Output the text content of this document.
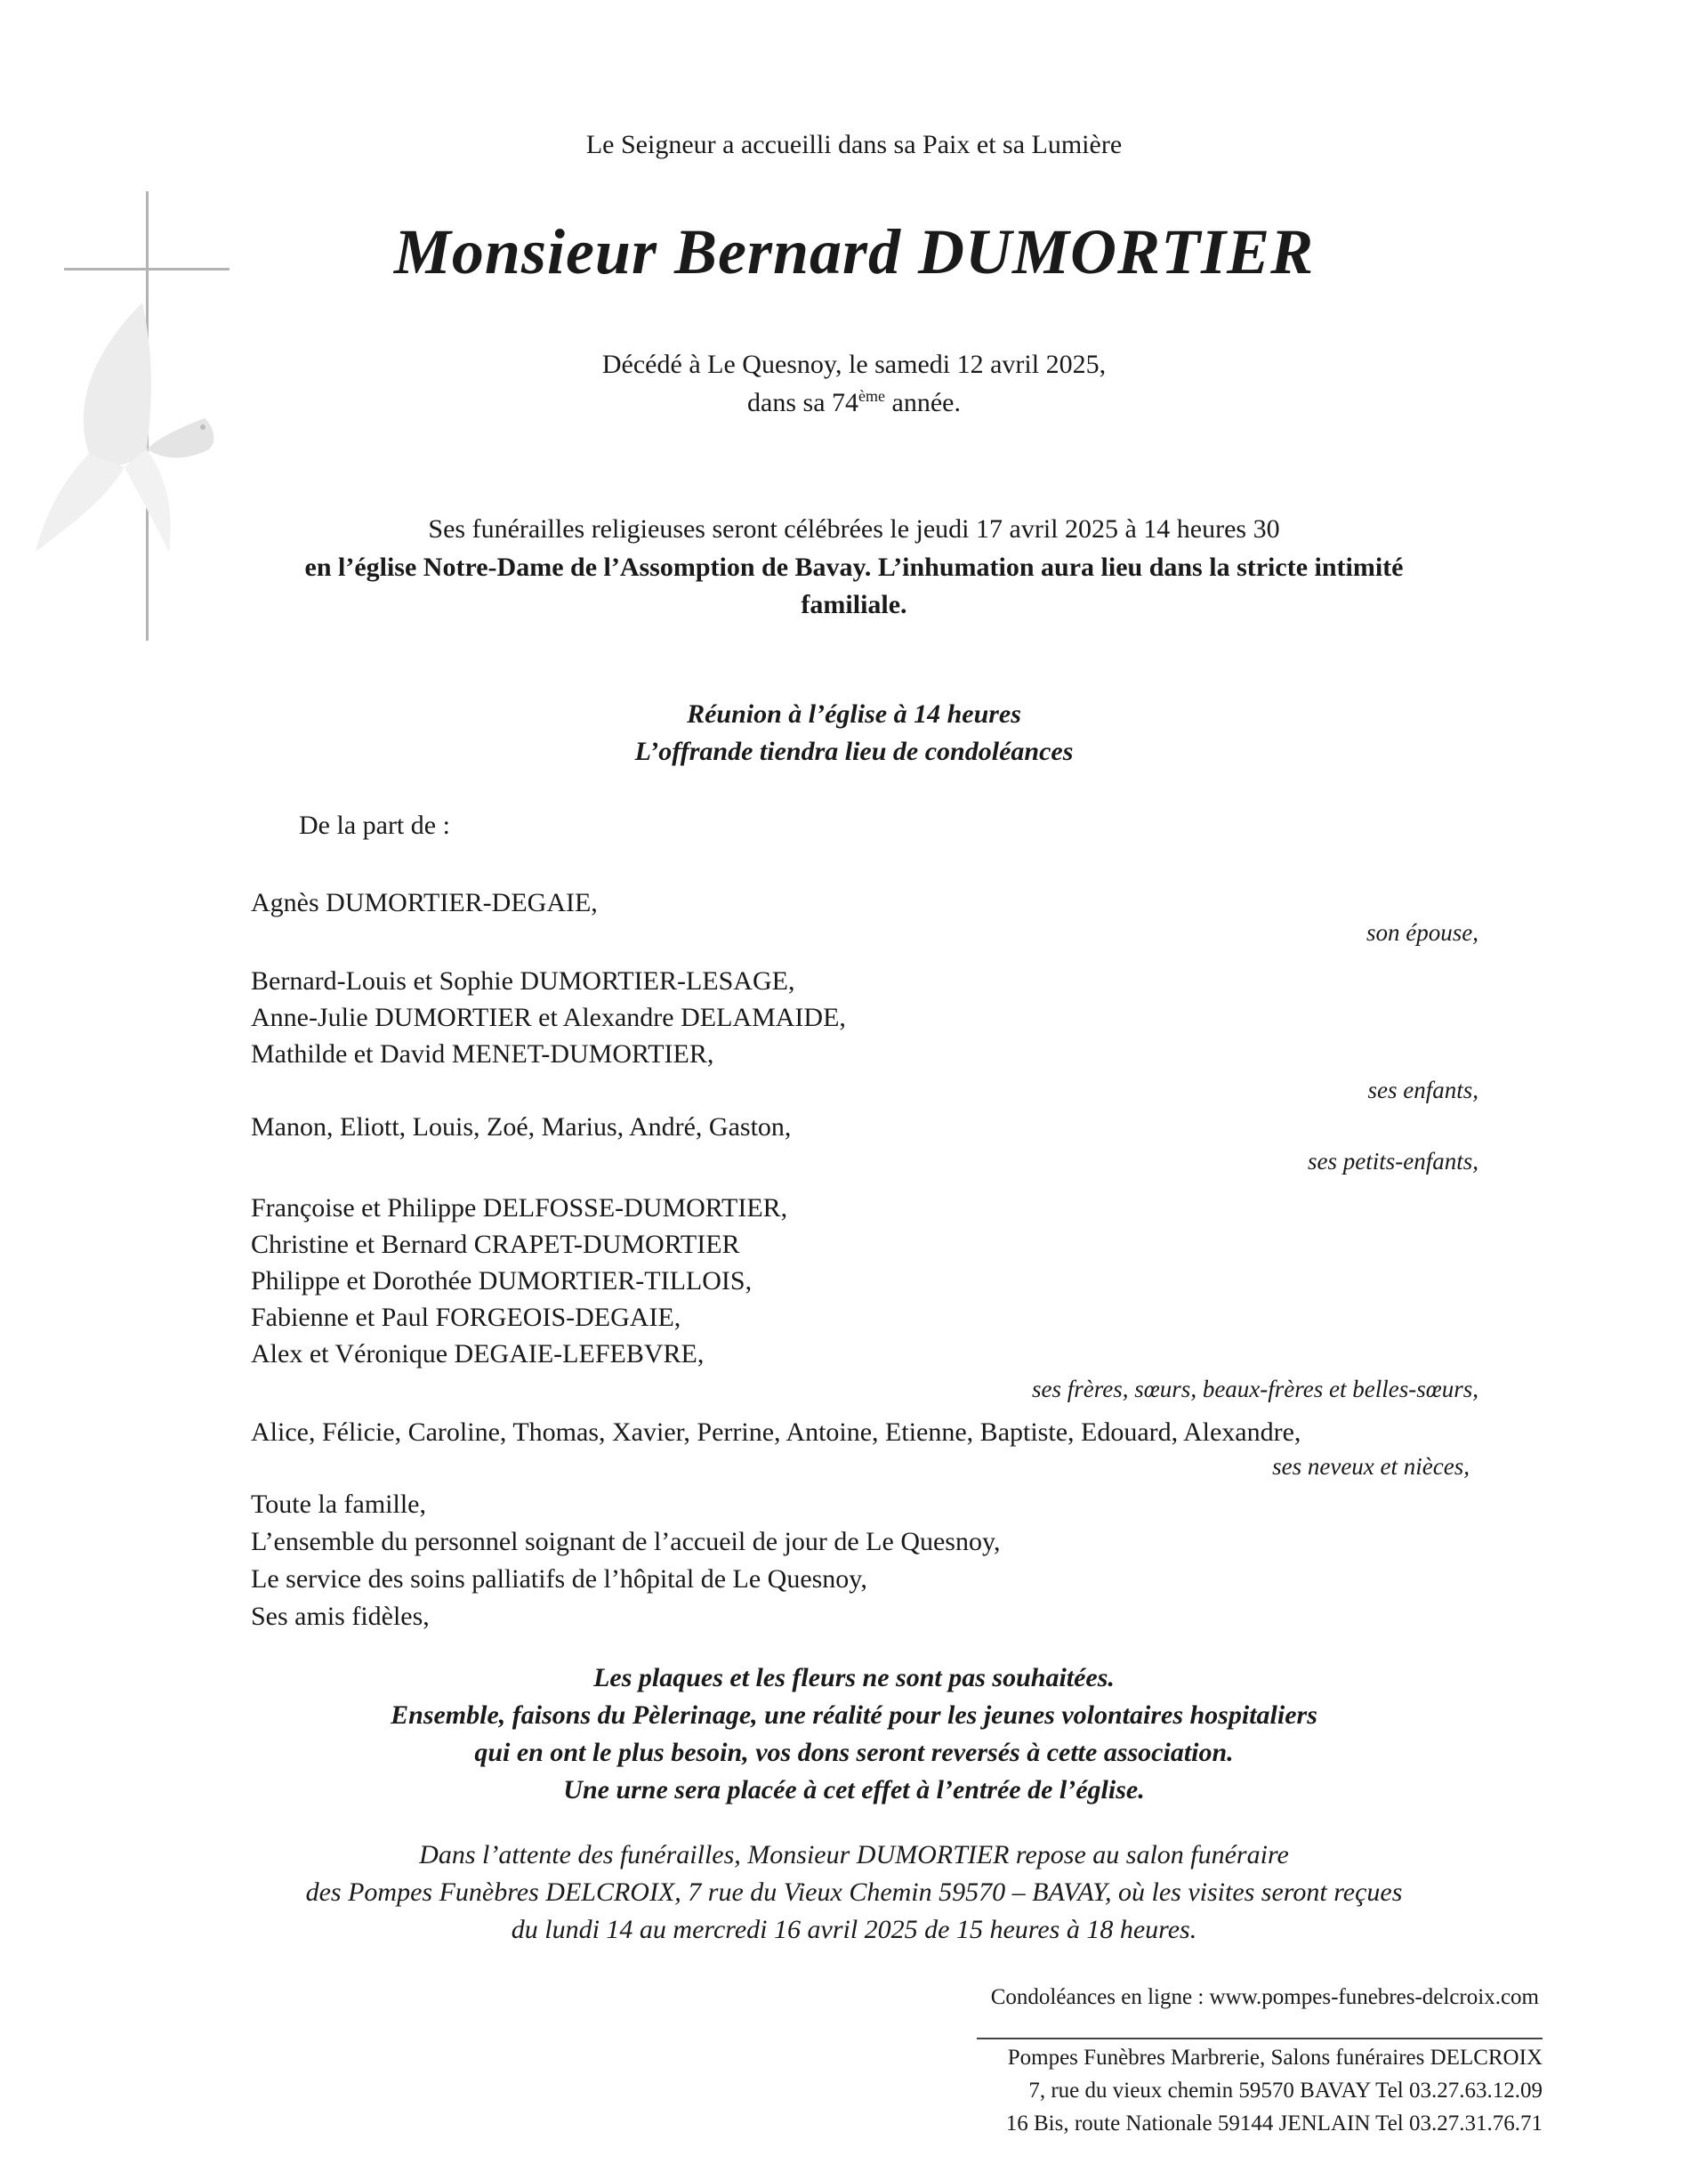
Le Seigneur a accueilli dans sa Paix et sa Lumière
Monsieur Bernard DUMORTIER
Décédé à Le Quesnoy, le samedi 12 avril 2025,
dans sa 74ème année.
Ses funérailles religieuses seront célébrées le jeudi 17 avril 2025 à 14 heures 30
en l’église Notre-Dame de l’Assomption de Bavay. L’inhumation aura lieu dans la stricte intimité
familiale.
Réunion à l’église à 14 heures
L’offrande tiendra lieu de condoléances
De la part de :
Agnès DUMORTIER-DEGAIE,
son épouse,
Bernard-Louis et Sophie DUMORTIER-LESAGE,
Anne-Julie DUMORTIER et Alexandre DELAMAIDE,
Mathilde et David MENET-DUMORTIER,
ses enfants,
Manon, Eliott, Louis, Zoé, Marius, André, Gaston,
ses petits-enfants,
Françoise et Philippe DELFOSSE-DUMORTIER,
Christine et Bernard CRAPET-DUMORTIER
Philippe et Dorothée DUMORTIER-TILLOIS,
Fabienne et Paul FORGEOIS-DEGAIE,
Alex et Véronique DEGAIE-LEFEBVRE,
ses frères, sœurs, beaux-frères et belles-sœurs,
Alice, Félicie, Caroline, Thomas, Xavier, Perrine, Antoine, Etienne, Baptiste, Edouard, Alexandre,
ses neveux et nièces,
Toute la famille,
L’ensemble du personnel soignant de l’accueil de jour de Le Quesnoy,
Le service des soins palliatifs de l’hôpital de Le Quesnoy,
Ses amis fidèles,
Les plaques et les fleurs ne sont pas souhaitées.
Ensemble, faisons du Pèlerinage, une réalité pour les jeunes volontaires hospitaliers
qui en ont le plus besoin, vos dons seront reversés à cette association.
Une urne sera placée à cet effet à l’entrée de l’église.
Dans l’attente des funérailles, Monsieur DUMORTIER repose au salon funéraire
des Pompes Funèbres DELCROIX, 7 rue du Vieux Chemin 59570 – BAVAY, où les visites seront reçues
du lundi 14 au mercredi 16 avril 2025 de 15 heures à 18 heures.
Condoléances en ligne : www.pompes-funebres-delcroix.com
Pompes Funèbres Marbrerie, Salons funéraires DELCROIX
7, rue du vieux chemin 59570 BAVAY Tel 03.27.63.12.09
16 Bis, route Nationale 59144 JENLAIN Tel 03.27.31.76.71
